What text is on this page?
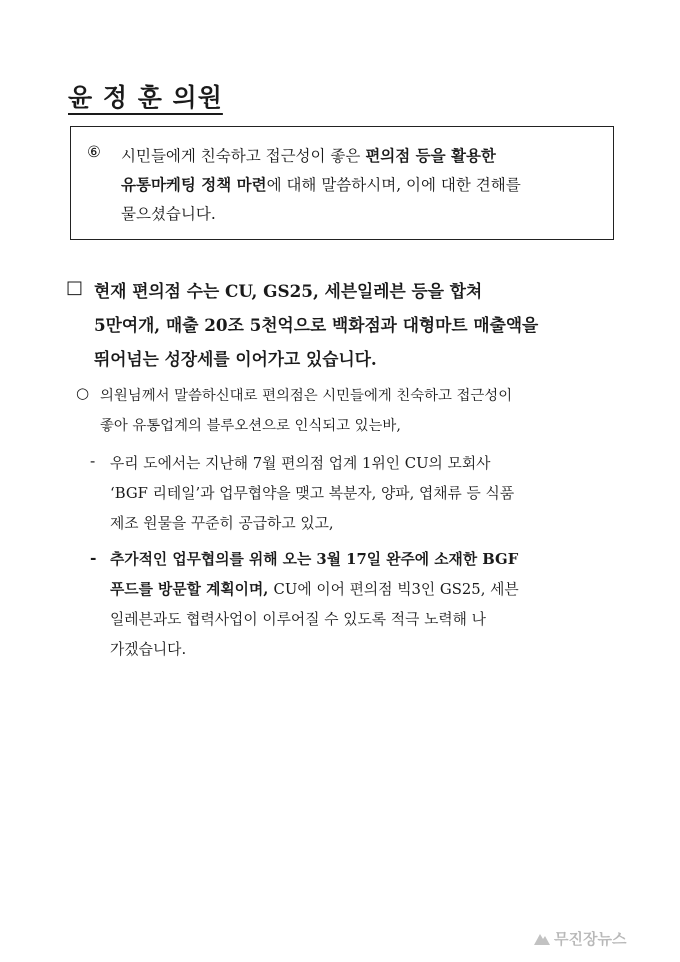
윤 정 훈 의원
⑥ 시민들에게 친숙하고 접근성이 좋은 편의점 등을 활용한
유통마케팅 정책 마련에 대해 말씀하시며, 이에 대한 견해를
물으셨습니다.
□ 현재 편의점 수는 CU, GS25, 세븐일레븐 등을 합쳐
5만여개, 매출 20조 5천억으로 백화점과 대형마트 매출액을
뛰어넘는 성장세를 이어가고 있습니다.
○ 의원님께서 말씀하신대로 편의점은 시민들에게 친숙하고 접근성이
좋아 유통업계의 블루오션으로 인식되고 있는바,
- 우리 도에서는 지난해 7월 편의점 업계 1위인 CU의 모회사
‘BGF 리테일’과 업무협약을 맺고 복분자, 양파, 엽채류 등 식품
제조 원물을 꾸준히 공급하고 있고,
- 추가적인 업무협의를 위해 오는 3월 17일 완주에 소재한 BGF
푸드를 방문할 계획이며, CU에 이어 편의점 빅3인 GS25, 세븐
일레븐과도 협력사업이 이루어질 수 있도록 적극 노력해 나
가겠습니다.
무진장뉴스
